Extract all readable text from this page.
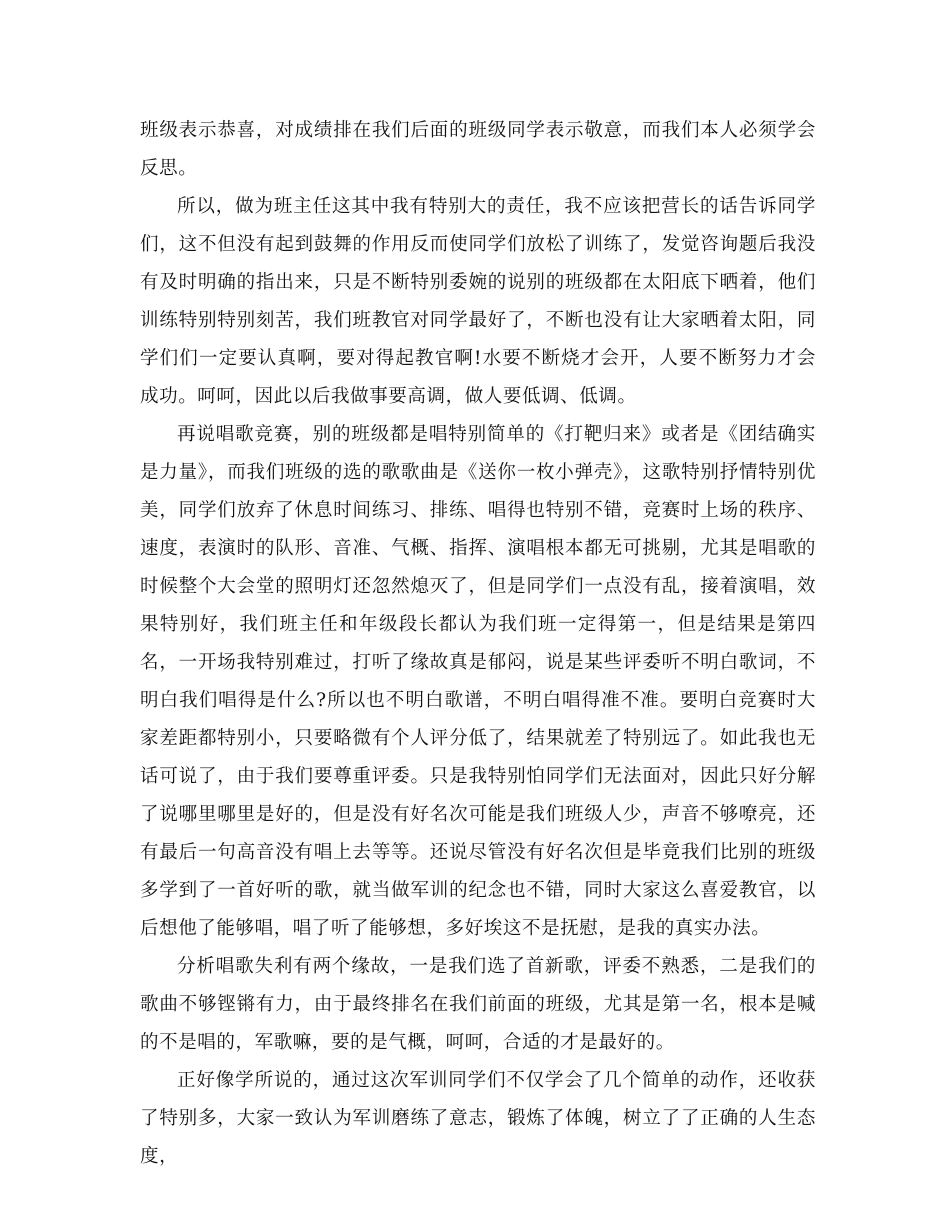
班级表示恭喜，对成绩排在我们后面的班级同学表示敬意，而我们本人必须学会反思。

所以，做为班主任这其中我有特别大的责任，我不应该把营长的话告诉同学们，这不但没有起到鼓舞的作用反而使同学们放松了训练了，发觉咨询题后我没有及时明确的指出来，只是不断特别委婉的说别的班级都在太阳底下晒着，他们训练特别特别刻苦，我们班教官对同学最好了，不断也没有让大家晒着太阳，同学们们一定要认真啊，要对得起教官啊!水要不断烧才会开，人要不断努力才会成功。呵呵，因此以后我做事要高调，做人要低调、低调。

再说唱歌竞赛，别的班级都是唱特别简单的《打靶归来》或者是《团结确实是力量》，而我们班级的选的歌歌曲是《送你一枚小弹壳》，这歌特别抒情特别优美，同学们放弃了休息时间练习、排练、唱得也特别不错，竞赛时上场的秩序、速度，表演时的队形、音准、气概、指挥、演唱根本都无可挑剔，尤其是唱歌的时候整个大会堂的照明灯还忽然熄灭了，但是同学们一点没有乱，接着演唱，效果特别好，我们班主任和年级段长都认为我们班一定得第一，但是结果是第四名，一开场我特别难过，打听了缘故真是郁闷，说是某些评委听不明白歌词，不明白我们唱得是什么?所以也不明白歌谱，不明白唱得准不准。要明白竞赛时大家差距都特别小，只要略微有个人评分低了，结果就差了特别远了。如此我也无话可说了，由于我们要尊重评委。只是我特别怕同学们无法面对，因此只好分解了说哪里哪里是好的，但是没有好名次可能是我们班级人少，声音不够嘹亮，还有最后一句高音没有唱上去等等。还说尽管没有好名次但是毕竟我们比别的班级多学到了一首好听的歌，就当做军训的纪念也不错，同时大家这么喜爱教官，以后想他了能够唱，唱了听了能够想，多好埃这不是抚慰，是我的真实办法。

分析唱歌失利有两个缘故，一是我们选了首新歌，评委不熟悉，二是我们的歌曲不够铿锵有力，由于最终排名在我们前面的班级，尤其是第一名，根本是喊的不是唱的，军歌嘛，要的是气概，呵呵，合适的才是最好的。

正好像学所说的，通过这次军训同学们不仅学会了几个简单的动作，还收获了特别多，大家一致认为军训磨练了意志，锻炼了体魄，树立了了正确的人生态度，
